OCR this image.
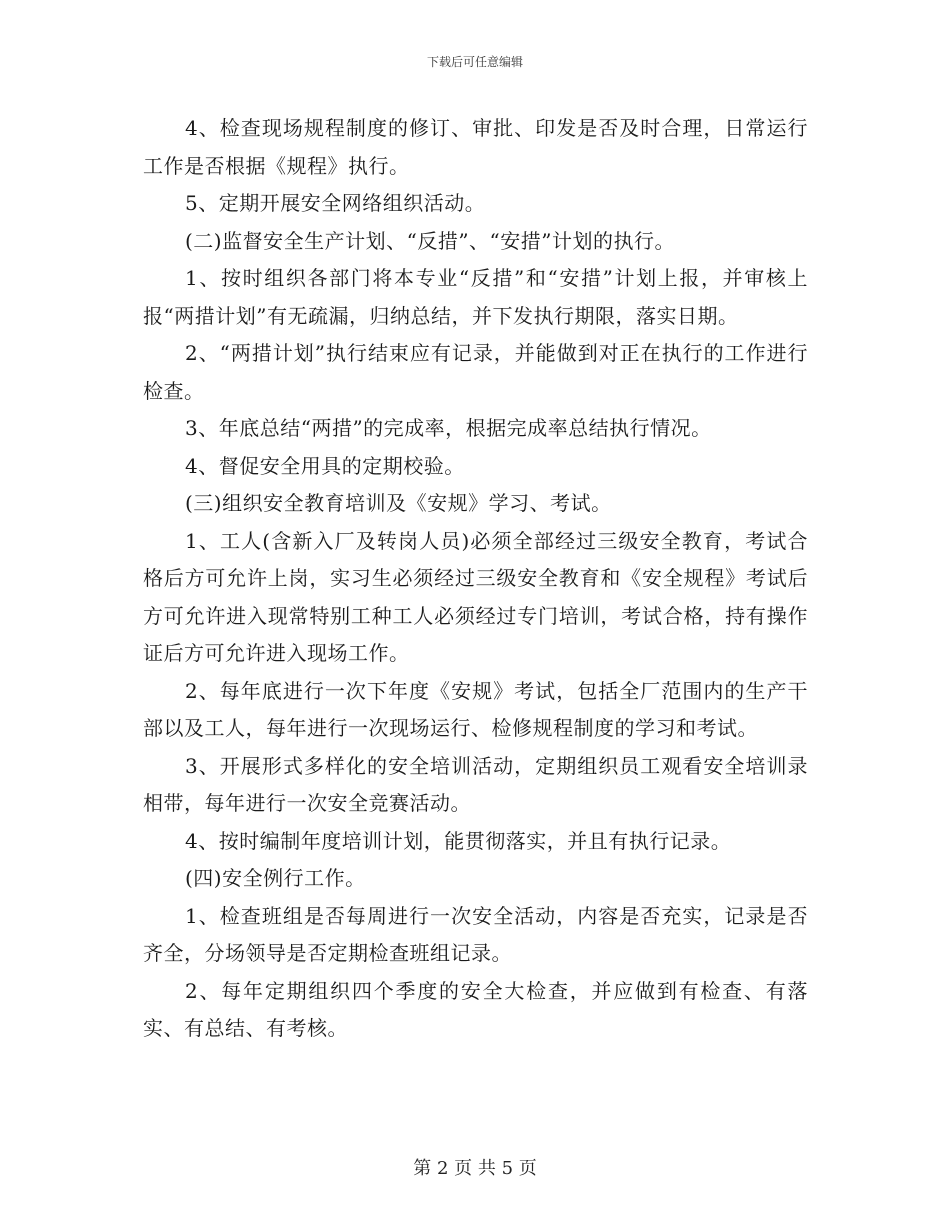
下载后可任意编辑

4、检查现场规程制度的修订、审批、印发是否及时合理，日常运行工作是否根据《规程》执行。

5、定期开展安全网络组织活动。

(二)监督安全生产计划、“反措”、“安措”计划的执行。

1、按时组织各部门将本专业“反措”和“安措”计划上报，并审核上报“两措计划”有无疏漏，归纳总结，并下发执行期限，落实日期。

2、“两措计划”执行结束应有记录，并能做到对正在执行的工作进行检查。

3、年底总结“两措”的完成率，根据完成率总结执行情况。

4、督促安全用具的定期校验。

(三)组织安全教育培训及《安规》学习、考试。

1、工人(含新入厂及转岗人员)必须全部经过三级安全教育，考试合格后方可允许上岗，实习生必须经过三级安全教育和《安全规程》考试后方可允许进入现常特别工种工人必须经过专门培训，考试合格，持有操作证后方可允许进入现场工作。

2、每年底进行一次下年度《安规》考试，包括全厂范围内的生产干部以及工人，每年进行一次现场运行、检修规程制度的学习和考试。

3、开展形式多样化的安全培训活动，定期组织员工观看安全培训录相带，每年进行一次安全竞赛活动。

4、按时编制年度培训计划，能贯彻落实，并且有执行记录。

(四)安全例行工作。

1、检查班组是否每周进行一次安全活动，内容是否充实，记录是否齐全，分场领导是否定期检查班组记录。

2、每年定期组织四个季度的安全大检查，并应做到有检查、有落实、有总结、有考核。

第 2 页 共 5 页
